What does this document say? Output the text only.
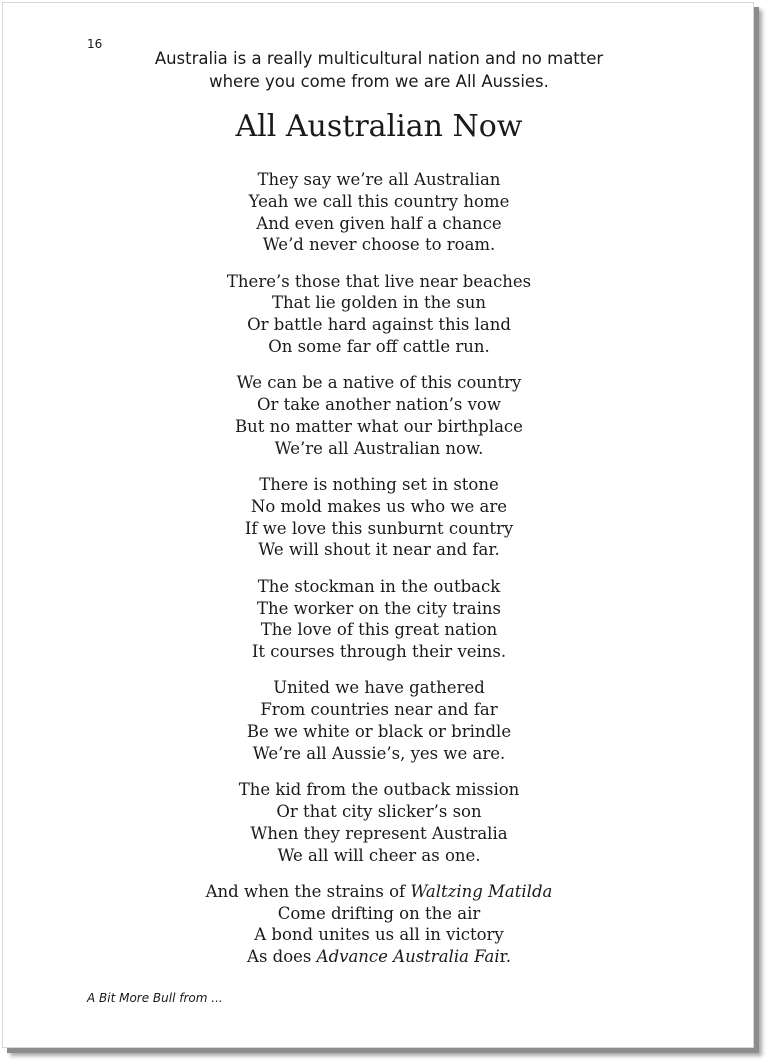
16
Australia is a really multicultural nation and no matter
where you come from we are All Aussies.
All Australian Now
They say we’re all Australian
Yeah we call this country home
And even given half a chance
We’d never choose to roam.
There’s those that live near beaches
That lie golden in the sun
Or battle hard against this land
On some far off cattle run.
We can be a native of this country
Or take another nation’s vow
But no matter what our birthplace
We’re all Australian now.
There is nothing set in stone
No mold makes us who we are
If we love this sunburnt country
We will shout it near and far.
The stockman in the outback
The worker on the city trains
The love of this great nation
It courses through their veins.
United we have gathered
From countries near and far
Be we white or black or brindle
We’re all Aussie’s, yes we are.
The kid from the outback mission
Or that city slicker’s son
When they represent Australia
We all will cheer as one.
And when the strains of Waltzing Matilda
Come drifting on the air
A bond unites us all in victory
As does Advance Australia Fair.
A Bit More Bull from ...
